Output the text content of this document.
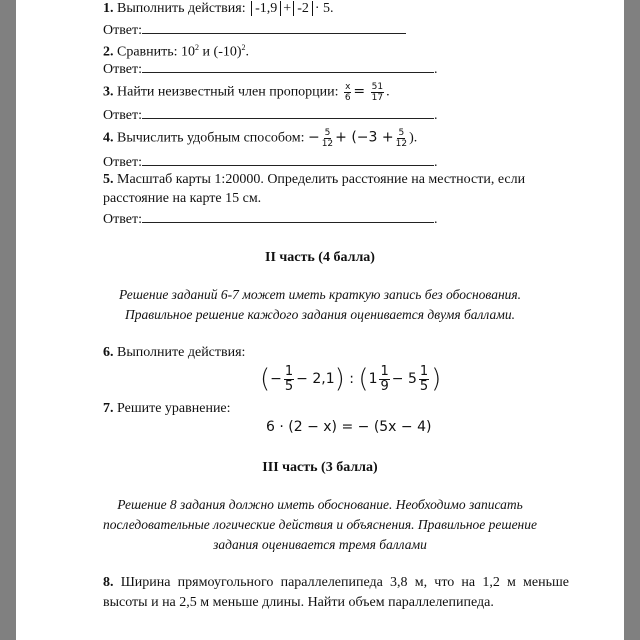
1. Выполнить действия: -1,9 + -2 · 5.
Ответ:
2. Сравнить: $10^2$ и $(-10)^2$.
Ответ:	.
3. Найти неизвестный член пропорции: $\frac{x}{6} = \frac{51}{17}$ .
Ответ:	.
4. Вычислить удобным способом: − $\frac{5}{12} + (-3 + \frac{5}{12}$ ).
Ответ:	.
5. Масштаб карты 1:20000. Определить расстояние на местности, если
расстояние на карте 15 см.
Ответ:	.
II часть (4 балла)
Решение заданий 6-7 может иметь краткую запись без обоснования.
Правильное решение каждого задания оценивается двумя баллами.
6. Выполните действия:
(− $\frac{1}{5} - 2,1$) : ($1 \frac{1}{9} - 5 \frac{1}{5}$ )
7. Решите уравнение:
6 · (2 − x) = − (5x − 4)
III часть (3 балла)
Решение 8 задания должно иметь обоснование. Необходимо записать
последовательные логические действия и объяснения. Правильное решение
задания оценивается тремя баллами
8. Ширина прямоугольного параллелепипеда 3,8 м, что на 1,2 м меньше высоты и на 2,5 м меньше длины. Найти объем параллелепипеда.
